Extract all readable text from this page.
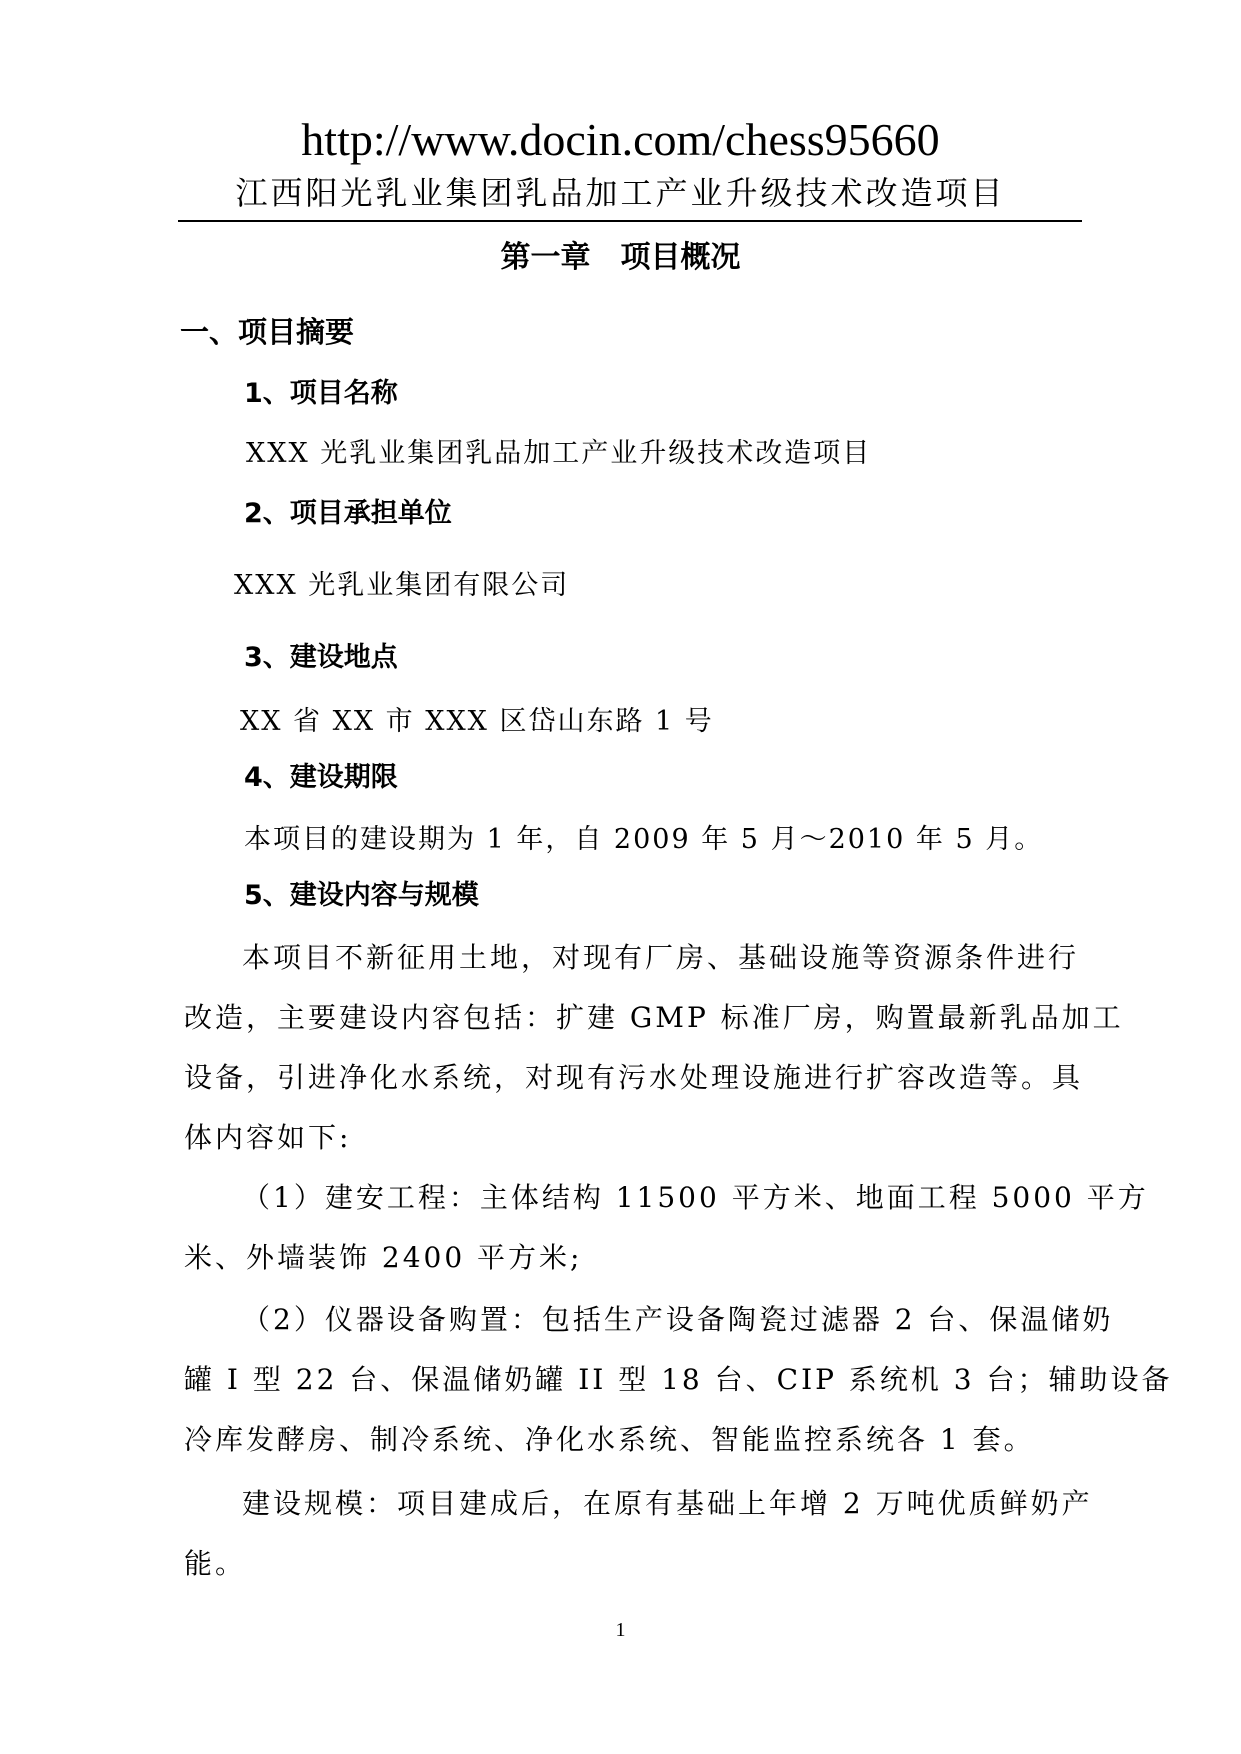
http://www.docin.com/chess95660
江西阳光乳业集团乳品加工产业升级技术改造项目
第一章　项目概况
一、项目摘要
1、项目名称
XXX 光乳业集团乳品加工产业升级技术改造项目
2、项目承担单位
XXX 光乳业集团有限公司
3、建设地点
XX 省 XX 市 XXX 区岱山东路 1 号
4、建设期限
本项目的建设期为 1 年，自 2009 年 5 月～2010 年 5 月。
5、建设内容与规模
本项目不新征用土地，对现有厂房、基础设施等资源条件进行
改造，主要建设内容包括：扩建 GMP 标准厂房，购置最新乳品加工
设备，引进净化水系统，对现有污水处理设施进行扩容改造等。具
体内容如下:
（1）建安工程：主体结构 11500 平方米、地面工程 5000 平方
米、外墙装饰 2400 平方米;
（2）仪器设备购置：包括生产设备陶瓷过滤器 2 台、保温储奶
罐 I 型 22 台、保温储奶罐 II 型 18 台、CIP 系统机 3 台；辅助设备
冷库发酵房、制冷系统、净化水系统、智能监控系统各 1 套。
建设规模：项目建成后，在原有基础上年增 2 万吨优质鲜奶产
能。
1
